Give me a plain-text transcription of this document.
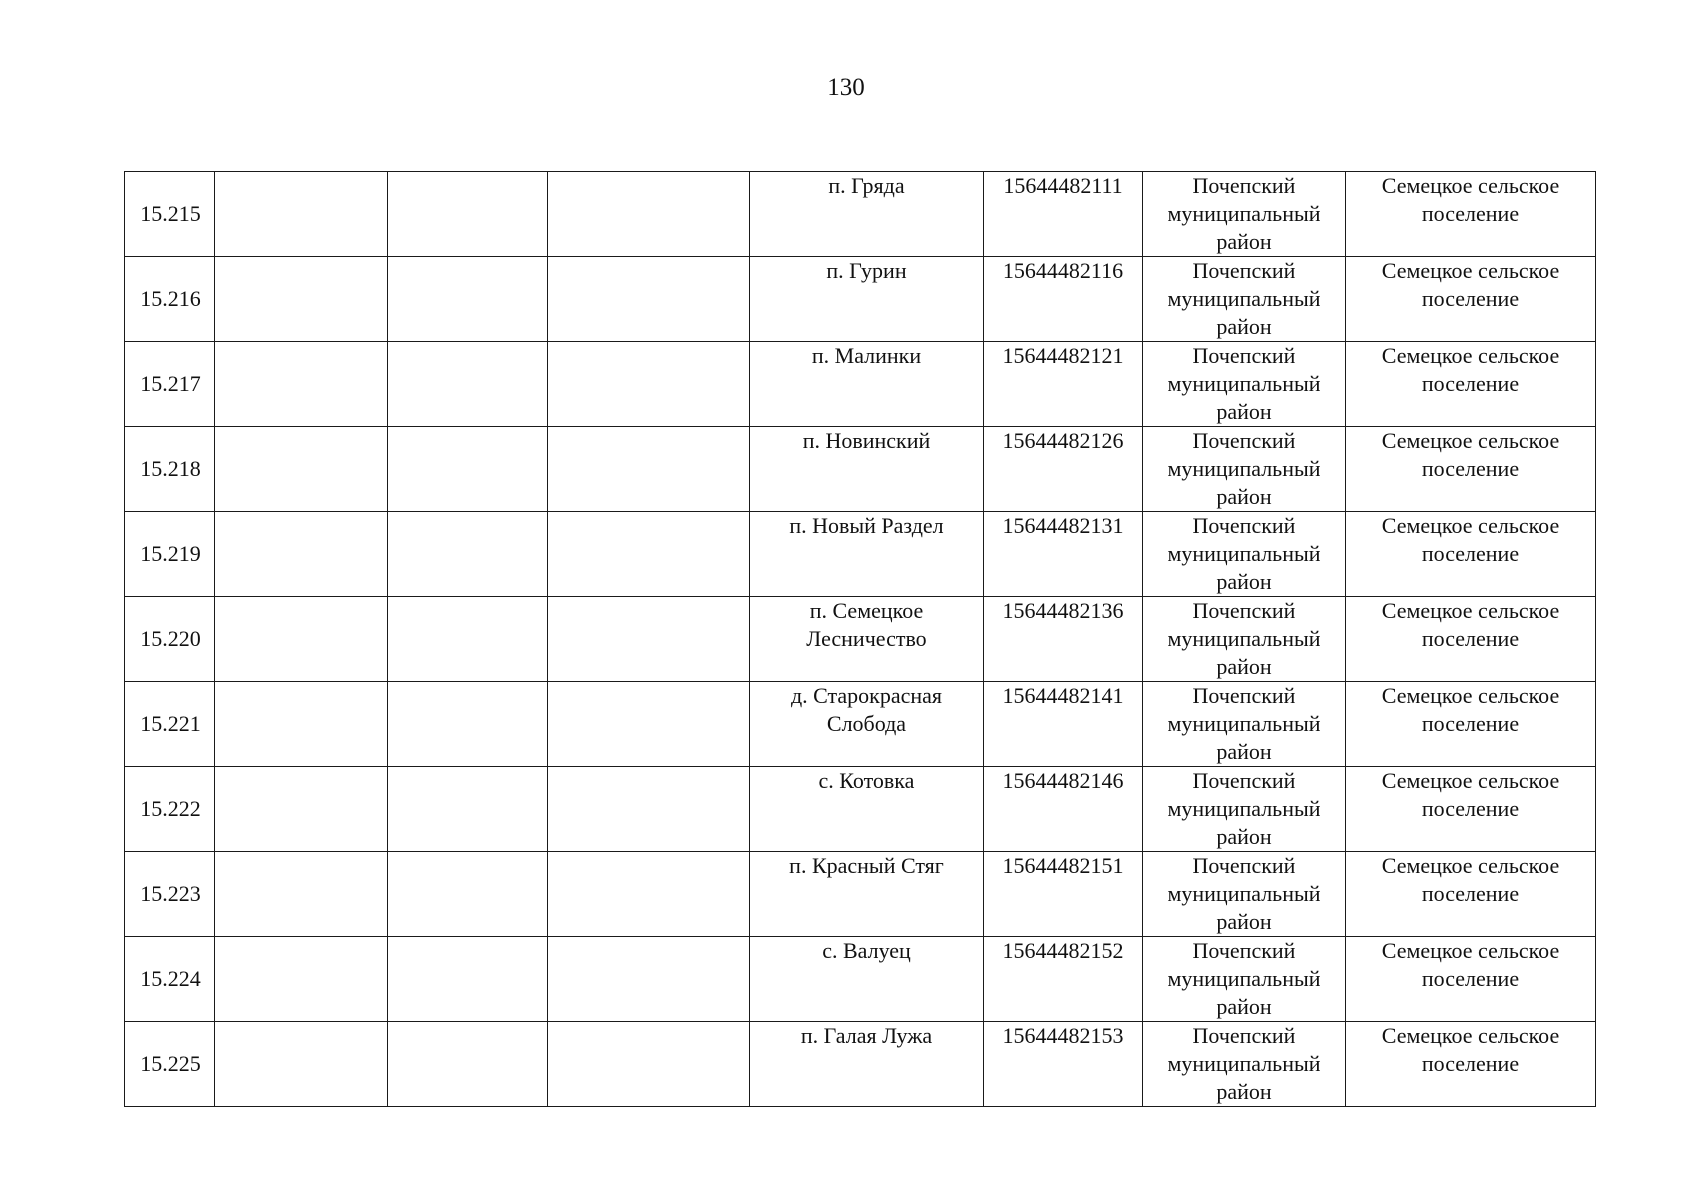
130
15.215				п. Гряда	15644482111	Почепский муниципальный район	Семецкое сельское поселение
15.216				п. Гурин	15644482116	Почепский муниципальный район	Семецкое сельское поселение
15.217				п. Малинки	15644482121	Почепский муниципальный район	Семецкое сельское поселение
15.218				п. Новинский	15644482126	Почепский муниципальный район	Семецкое сельское поселение
15.219				п. Новый Раздел	15644482131	Почепский муниципальный район	Семецкое сельское поселение
15.220				п. Семецкое Лесничество	15644482136	Почепский муниципальный район	Семецкое сельское поселение
15.221				д. Старокрасная Слобода	15644482141	Почепский муниципальный район	Семецкое сельское поселение
15.222				с. Котовка	15644482146	Почепский муниципальный район	Семецкое сельское поселение
15.223				п. Красный Стяг	15644482151	Почепский муниципальный район	Семецкое сельское поселение
15.224				с. Валуец	15644482152	Почепский муниципальный район	Семецкое сельское поселение
15.225				п. Галая Лужа	15644482153	Почепский муниципальный район	Семецкое сельское поселение
